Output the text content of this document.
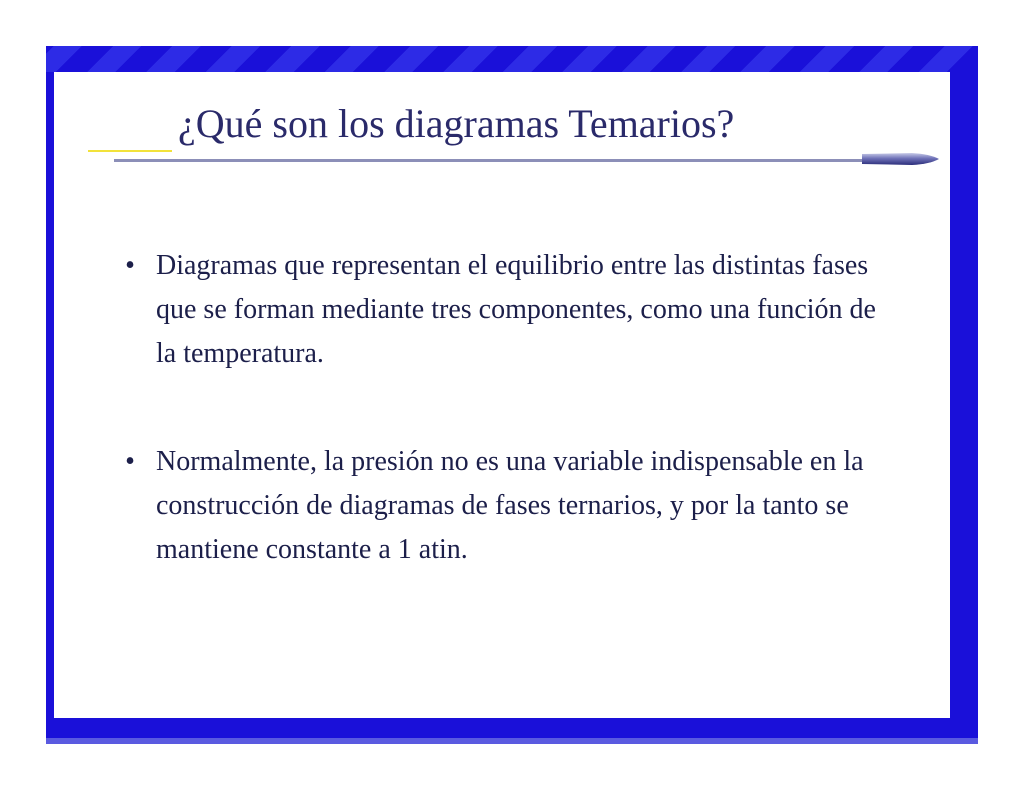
¿Qué son los diagramas Temarios?
• Diagramas que representan el equilibrio entre las distintas fases que se forman mediante tres componentes, como una función de la temperatura.
• Normalmente, la presión no es una variable indispensable en la construcción de diagramas de fases ternarios, y por la tanto se mantiene constante a 1 atin.
